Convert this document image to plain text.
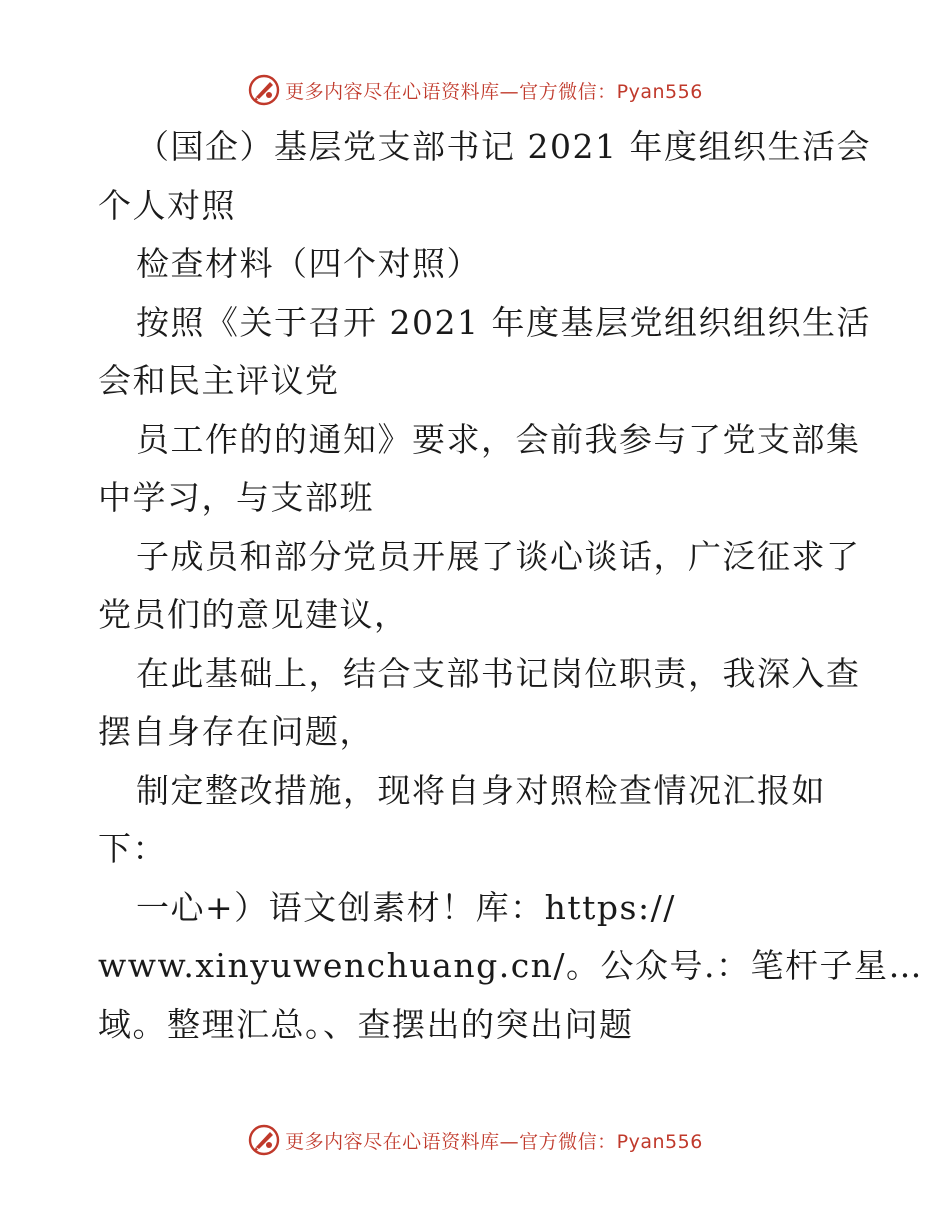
更多内容尽在心语资料库—官方微信：Pyan556
（国企）基层党支部书记 2021 年度组织生活会
个人对照
检查材料（四个对照）
按照《关于召开 2021 年度基层党组织组织生活
会和民主评议党
员工作的的通知》要求，会前我参与了党支部集
中学习，与支部班
子成员和部分党员开展了谈心谈话，广泛征求了
党员们的意见建议，
在此基础上，结合支部书记岗位职责，我深入查
摆自身存在问题，
制定整改措施，现将自身对照检查情况汇报如
下：
一心+）语文创素材！库：https://
www.xinyuwenchuang.cn/。公众号.：笔杆子星…
域。整理汇总。、查摆出的突出问题
更多内容尽在心语资料库—官方微信：Pyan556
